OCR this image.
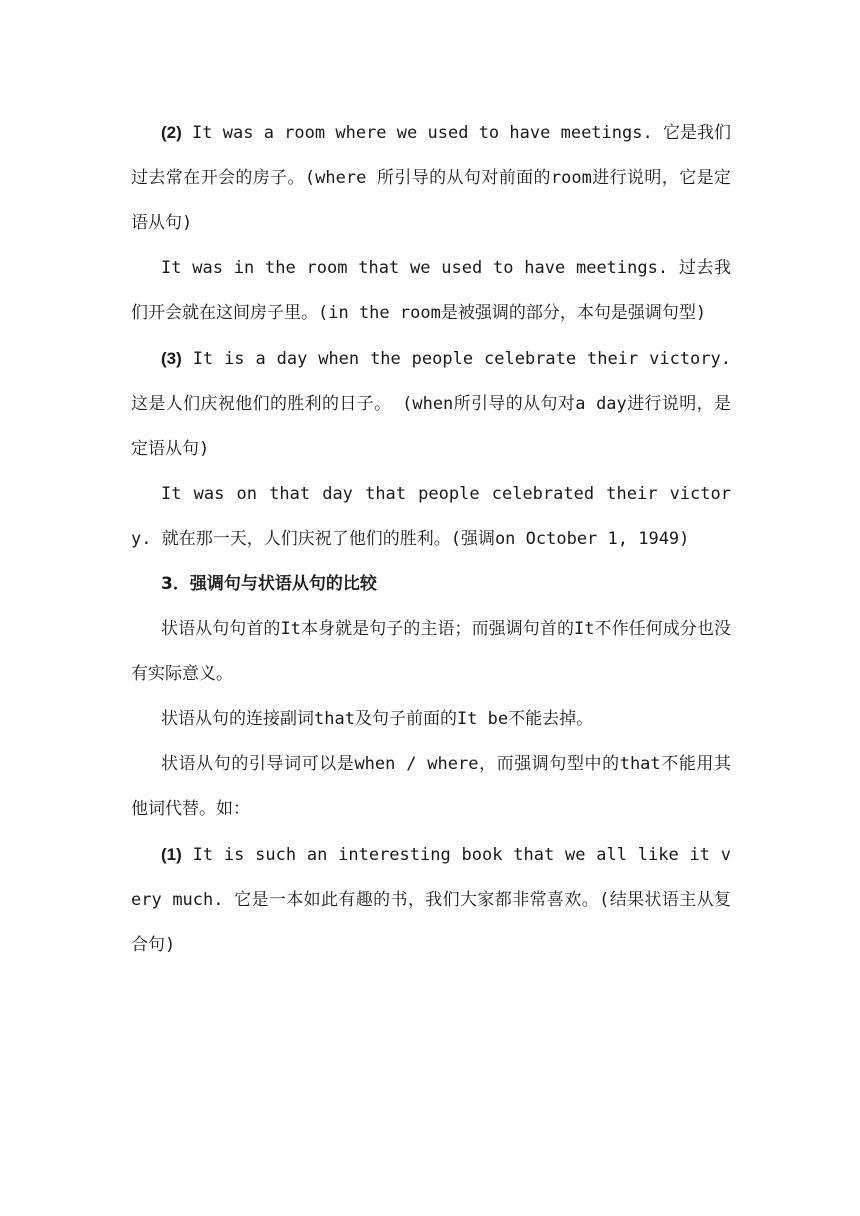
(2) It was a room where we used to have meetings. 它是我们过去常在开会的房子。(where 所引导的从句对前面的room进行说明，它是定语从句)

It was in the room that we used to have meetings. 过去我们开会就在这间房子里。(in the room是被强调的部分，本句是强调句型)

(3) It is a day when the people celebrate their victory. 这是人们庆祝他们的胜利的日子。 (when所引导的从句对a day进行说明，是定语从句)

It was on that day that people celebrated their victory. 就在那一天，人们庆祝了他们的胜利。(强调on October 1, 1949)

3．强调句与状语从句的比较

状语从句句首的It本身就是句子的主语；而强调句首的It不作任何成分也没有实际意义。

状语从句的连接副词that及句子前面的It be不能去掉。

状语从句的引导词可以是when / where，而强调句型中的that不能用其他词代替。如：

(1) It is such an interesting book that we all like it very much. 它是一本如此有趣的书，我们大家都非常喜欢。(结果状语主从复合句)
